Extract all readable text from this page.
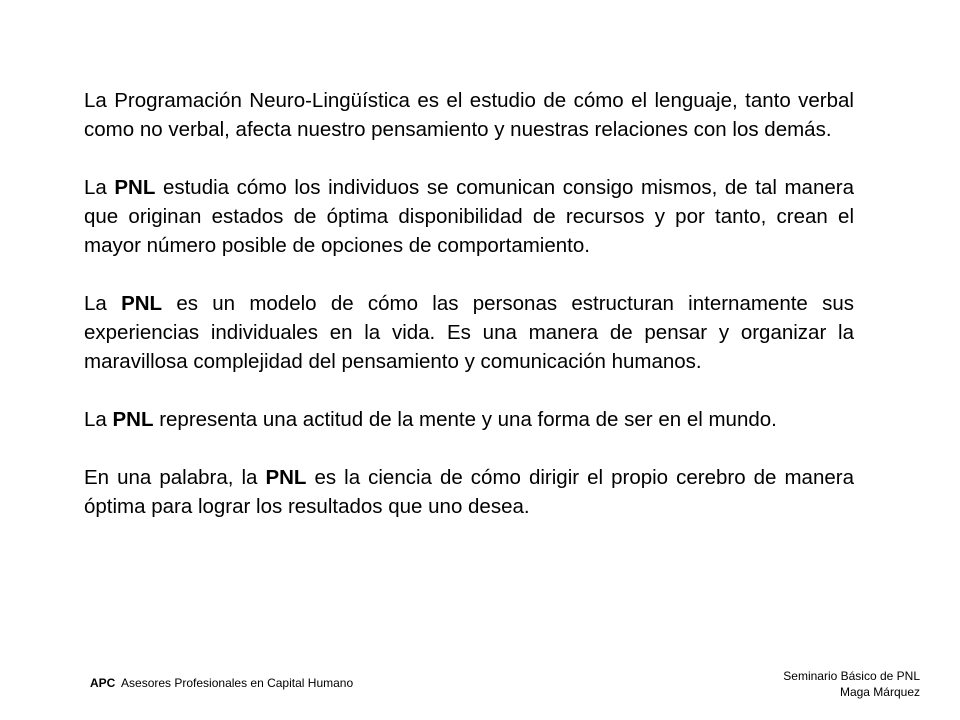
La Programación Neuro-Lingüística es el estudio de cómo el lenguaje, tanto verbal como no verbal, afecta nuestro pensamiento y nuestras relaciones con los demás.

La PNL estudia cómo los individuos se comunican consigo mismos, de tal manera que originan estados de óptima disponibilidad de recursos y por tanto, crean el mayor número posible de opciones de comportamiento.

La PNL es un modelo de cómo las personas estructuran internamente sus experiencias individuales en la vida. Es una manera de pensar y organizar la maravillosa complejidad del pensamiento y comunicación humanos.

La PNL representa una actitud de la mente y una forma de ser en el mundo.

En una palabra, la PNL es la ciencia de cómo dirigir el propio cerebro de manera óptima para lograr los resultados que uno desea.

APC Asesores Profesionales en Capital Humano	Seminario Básico de PNL
Maga Márquez
